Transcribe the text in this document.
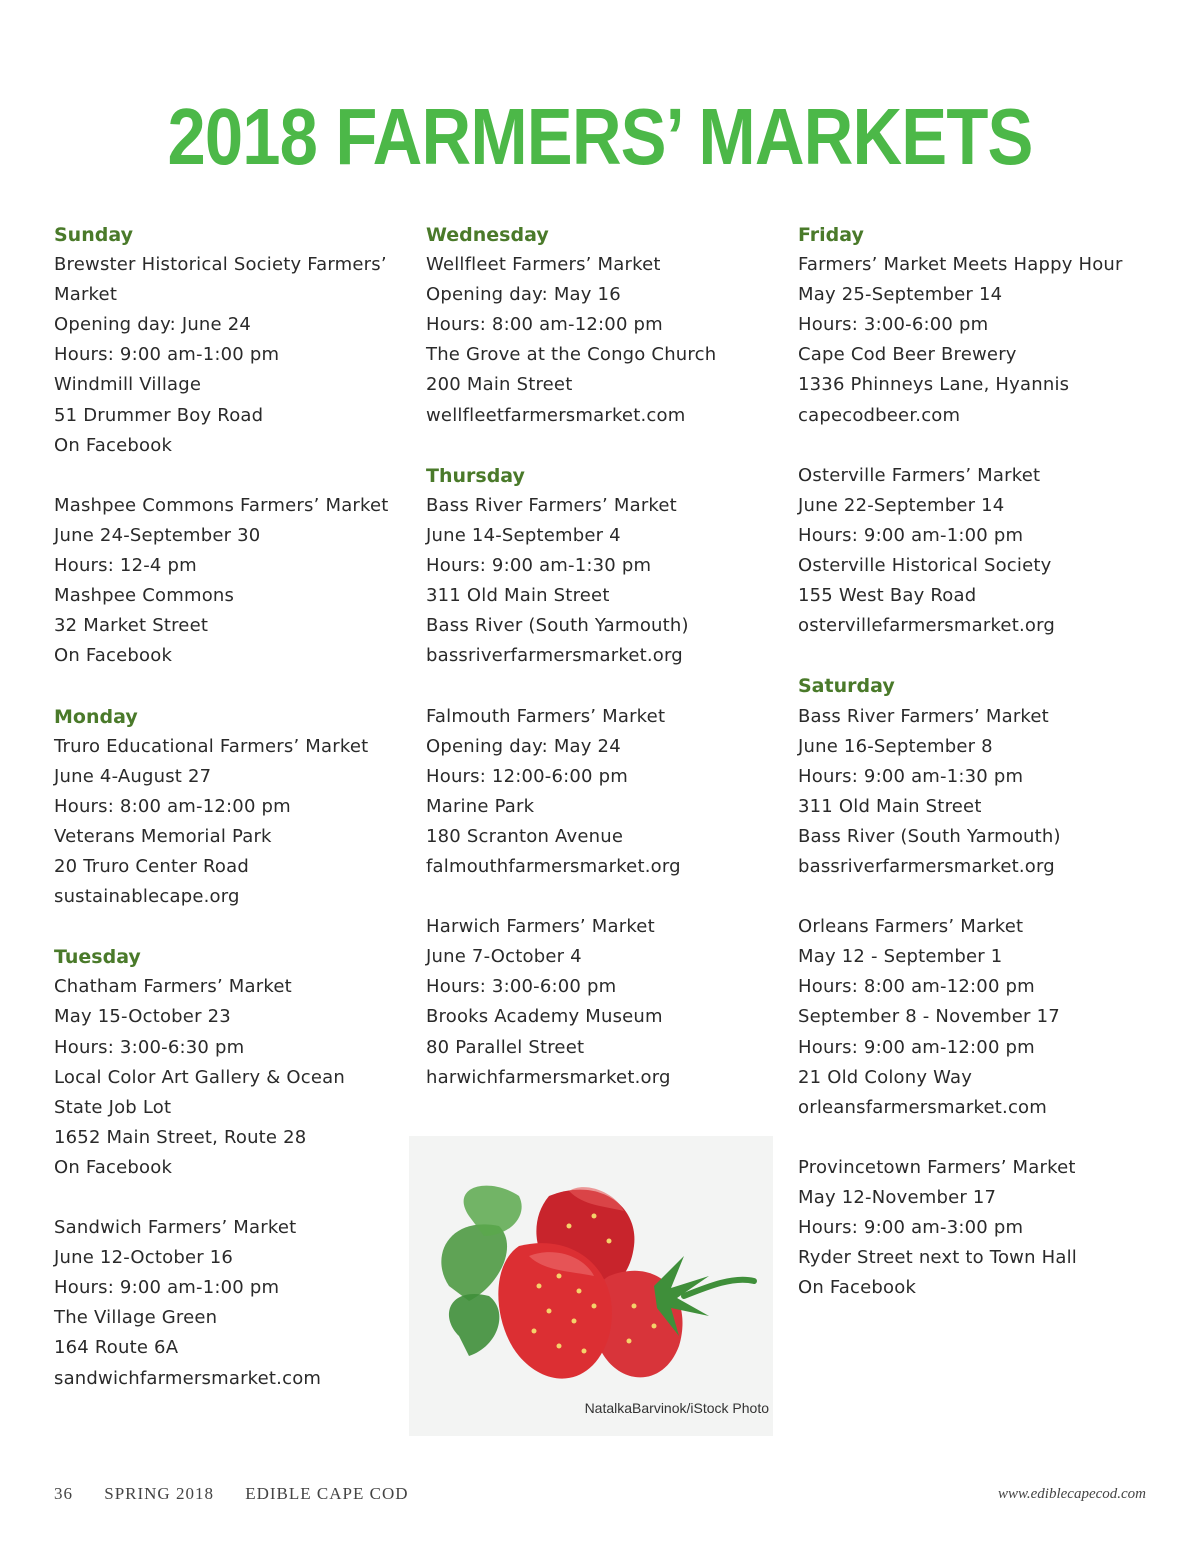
2018 FARMERS’ MARKETS
Sunday
Brewster Historical Society Farmers’
Market
Opening day: June 24
Hours: 9:00 am-1:00 pm
Windmill Village
51 Drummer Boy Road
On Facebook
Mashpee Commons Farmers’ Market
June 24-September 30
Hours: 12-4 pm
Mashpee Commons
32 Market Street
On Facebook
Monday
Truro Educational Farmers’ Market
June 4-August 27
Hours: 8:00 am-12:00 pm
Veterans Memorial Park
20 Truro Center Road
sustainablecape.org
Tuesday
Chatham Farmers’ Market
May 15-October 23
Hours: 3:00-6:30 pm
Local Color Art Gallery & Ocean
State Job Lot
1652 Main Street, Route 28
On Facebook
Sandwich Farmers’ Market
June 12-October 16
Hours: 9:00 am-1:00 pm
The Village Green
164 Route 6A
sandwichfarmersmarket.com
Wednesday
Wellfleet Farmers’ Market
Opening day: May 16
Hours: 8:00 am-12:00 pm
The Grove at the Congo Church
200 Main Street
wellfleetfarmersmarket.com
Thursday
Bass River Farmers’ Market
June 14-September 4
Hours: 9:00 am-1:30 pm
311 Old Main Street
Bass River (South Yarmouth)
bassriverfarmersmarket.org
Falmouth Farmers’ Market
Opening day: May 24
Hours: 12:00-6:00 pm
Marine Park
180 Scranton Avenue
falmouthfarmersmarket.org
Harwich Farmers’ Market
June 7-October 4
Hours: 3:00-6:00 pm
Brooks Academy Museum
80 Parallel Street
harwichfarmersmarket.org
Friday
Farmers’ Market Meets Happy Hour
May 25-September 14
Hours: 3:00-6:00 pm
Cape Cod Beer Brewery
1336 Phinneys Lane, Hyannis
capecodbeer.com
Osterville Farmers’ Market
June 22-September 14
Hours: 9:00 am-1:00 pm
Osterville Historical Society
155 West Bay Road
ostervillefarmersmarket.org
Saturday
Bass River Farmers’ Market
June 16-September 8
Hours: 9:00 am-1:30 pm
311 Old Main Street
Bass River (South Yarmouth)
bassriverfarmersmarket.org
Orleans Farmers’ Market
May 12 - September 1
Hours: 8:00 am-12:00 pm
September 8 - November 17
Hours: 9:00 am-12:00 pm
21 Old Colony Way
orleansfarmersmarket.com
Provincetown Farmers’ Market
May 12-November 17
Hours: 9:00 am-3:00 pm
Ryder Street next to Town Hall
On Facebook
NatalkaBarvinok/iStock Photo
36 SPRING 2018 EDIBLE CAPE COD	www.ediblecapecod.com
